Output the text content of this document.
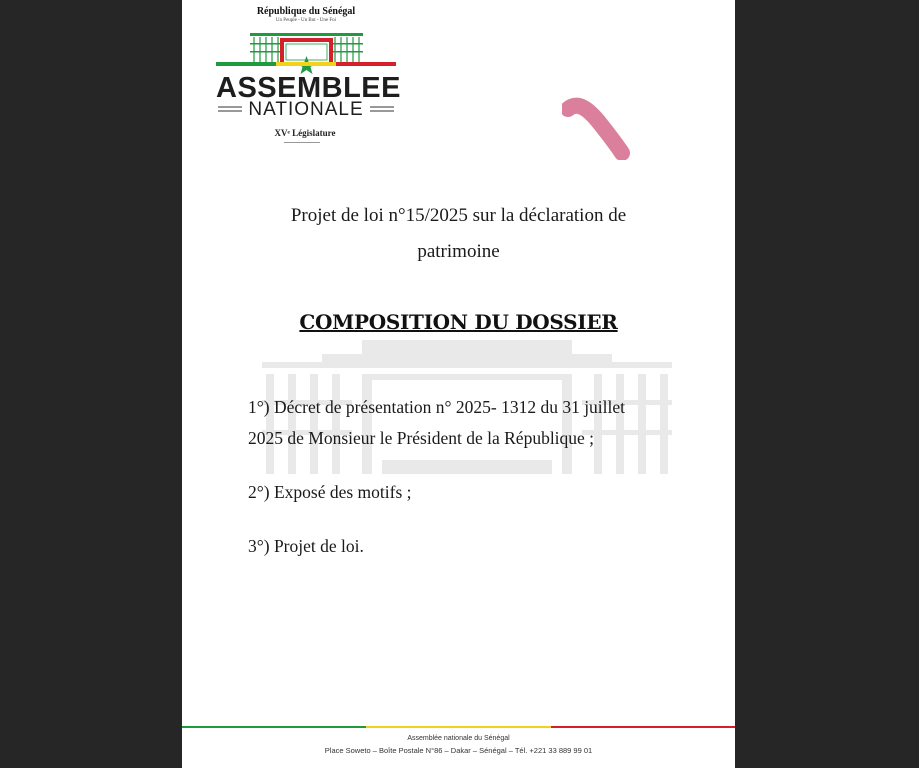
République du Sénégal
Un Peuple - Un But - Une Foi
ASSEMBLEE
NATIONALE
XVᵉ Législature
Projet de loi n°15/2025 sur la déclaration de
patrimoine
COMPOSITION DU DOSSIER
1°) Décret de présentation n° 2025- 1312 du 31 juillet
2025 de Monsieur le Président de la République ;
2°) Exposé des motifs ;
3°) Projet de loi.
Assemblée nationale du Sénégal
Place Soweto – Boîte Postale N°86 – Dakar – Sénégal – Tél. +221 33 889 99 01
